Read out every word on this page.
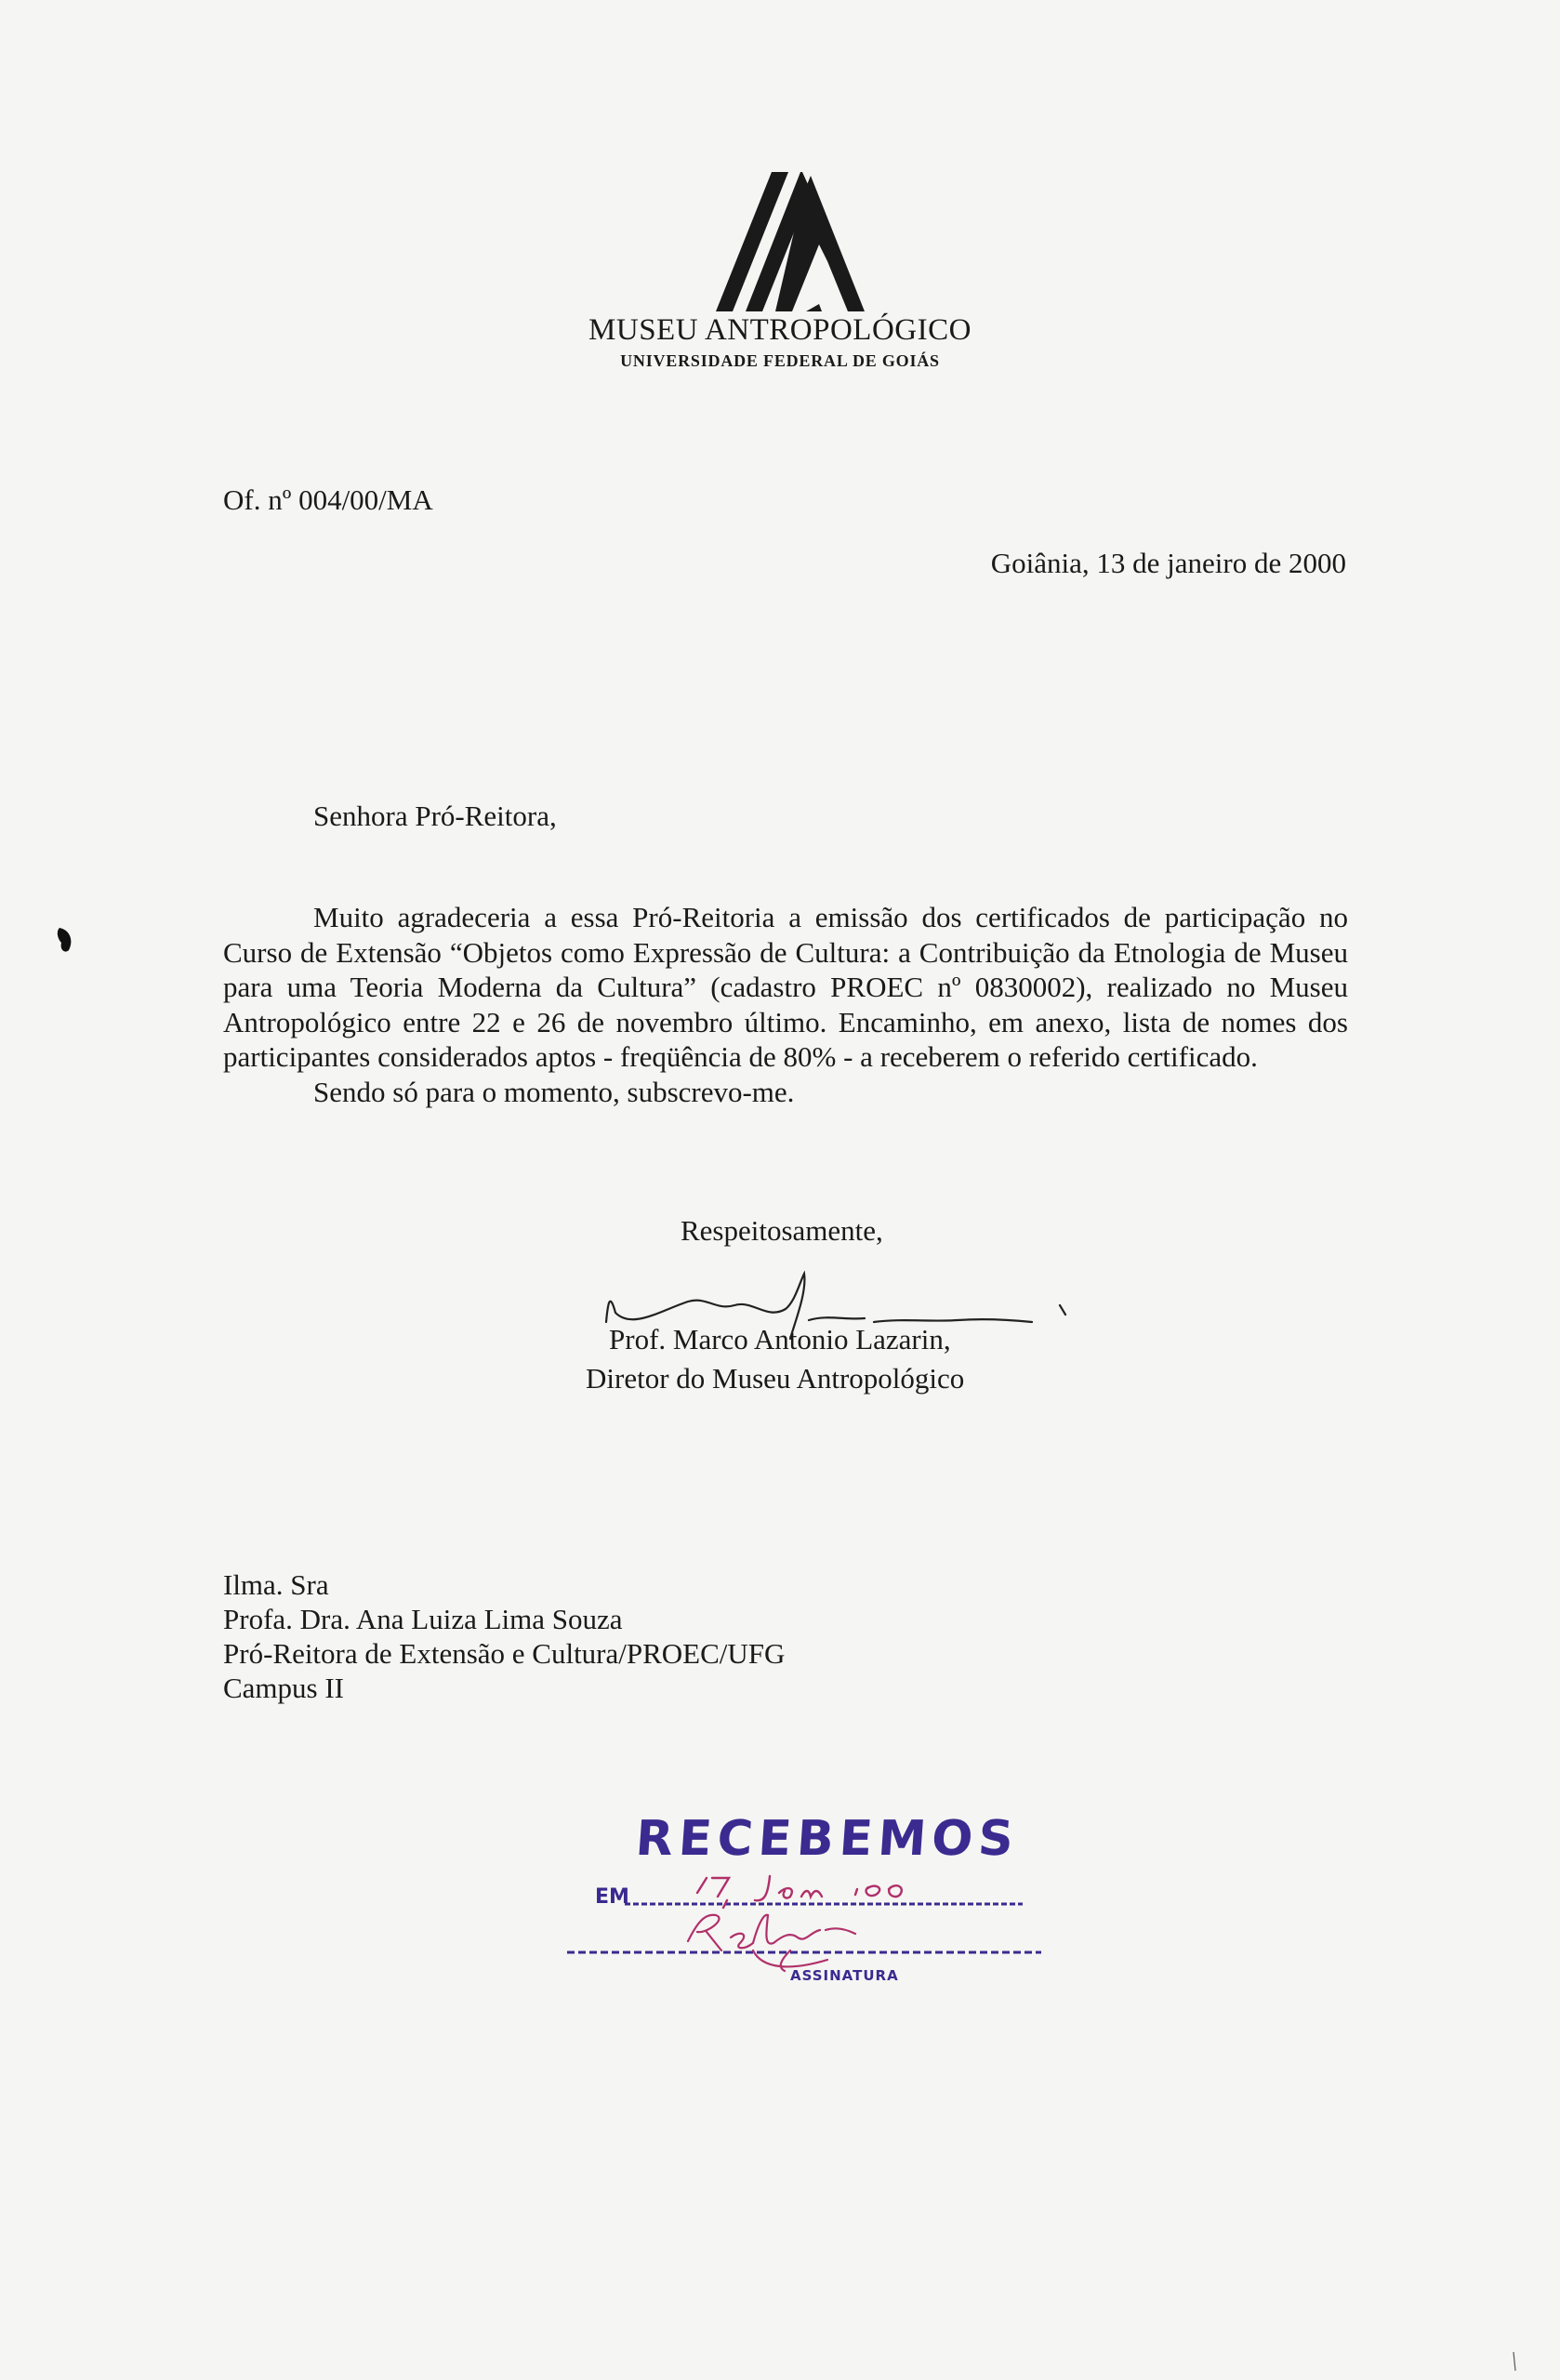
MUSEU ANTROPOLÓGICO
UNIVERSIDADE FEDERAL DE GOIÁS
Of. nº 004/00/MA
Goiânia, 13 de janeiro de 2000
Senhora Pró-Reitora,

Muito agradeceria a essa Pró-Reitoria a emissão dos certificados de participação no Curso de Extensão “Objetos como Expressão de Cultura: a Contribuição da Etnologia de Museu para uma Teoria Moderna da Cultura” (cadastro PROEC nº 0830002), realizado no Museu Antropológico entre 22 e 26 de novembro último. Encaminho, em anexo, lista de nomes dos participantes considerados aptos - freqüência de 80% - a receberem o referido certificado.

Sendo só para o momento, subscrevo-me.

Respeitosamente,
Prof. Marco Antonio Lazarin,
Diretor do Museu Antropológico
Ilma. Sra
Profa. Dra. Ana Luiza Lima Souza
Pró-Reitora de Extensão e Cultura/PROEC/UFG
Campus II
RECEBEMOS
EM
ASSINATURA
